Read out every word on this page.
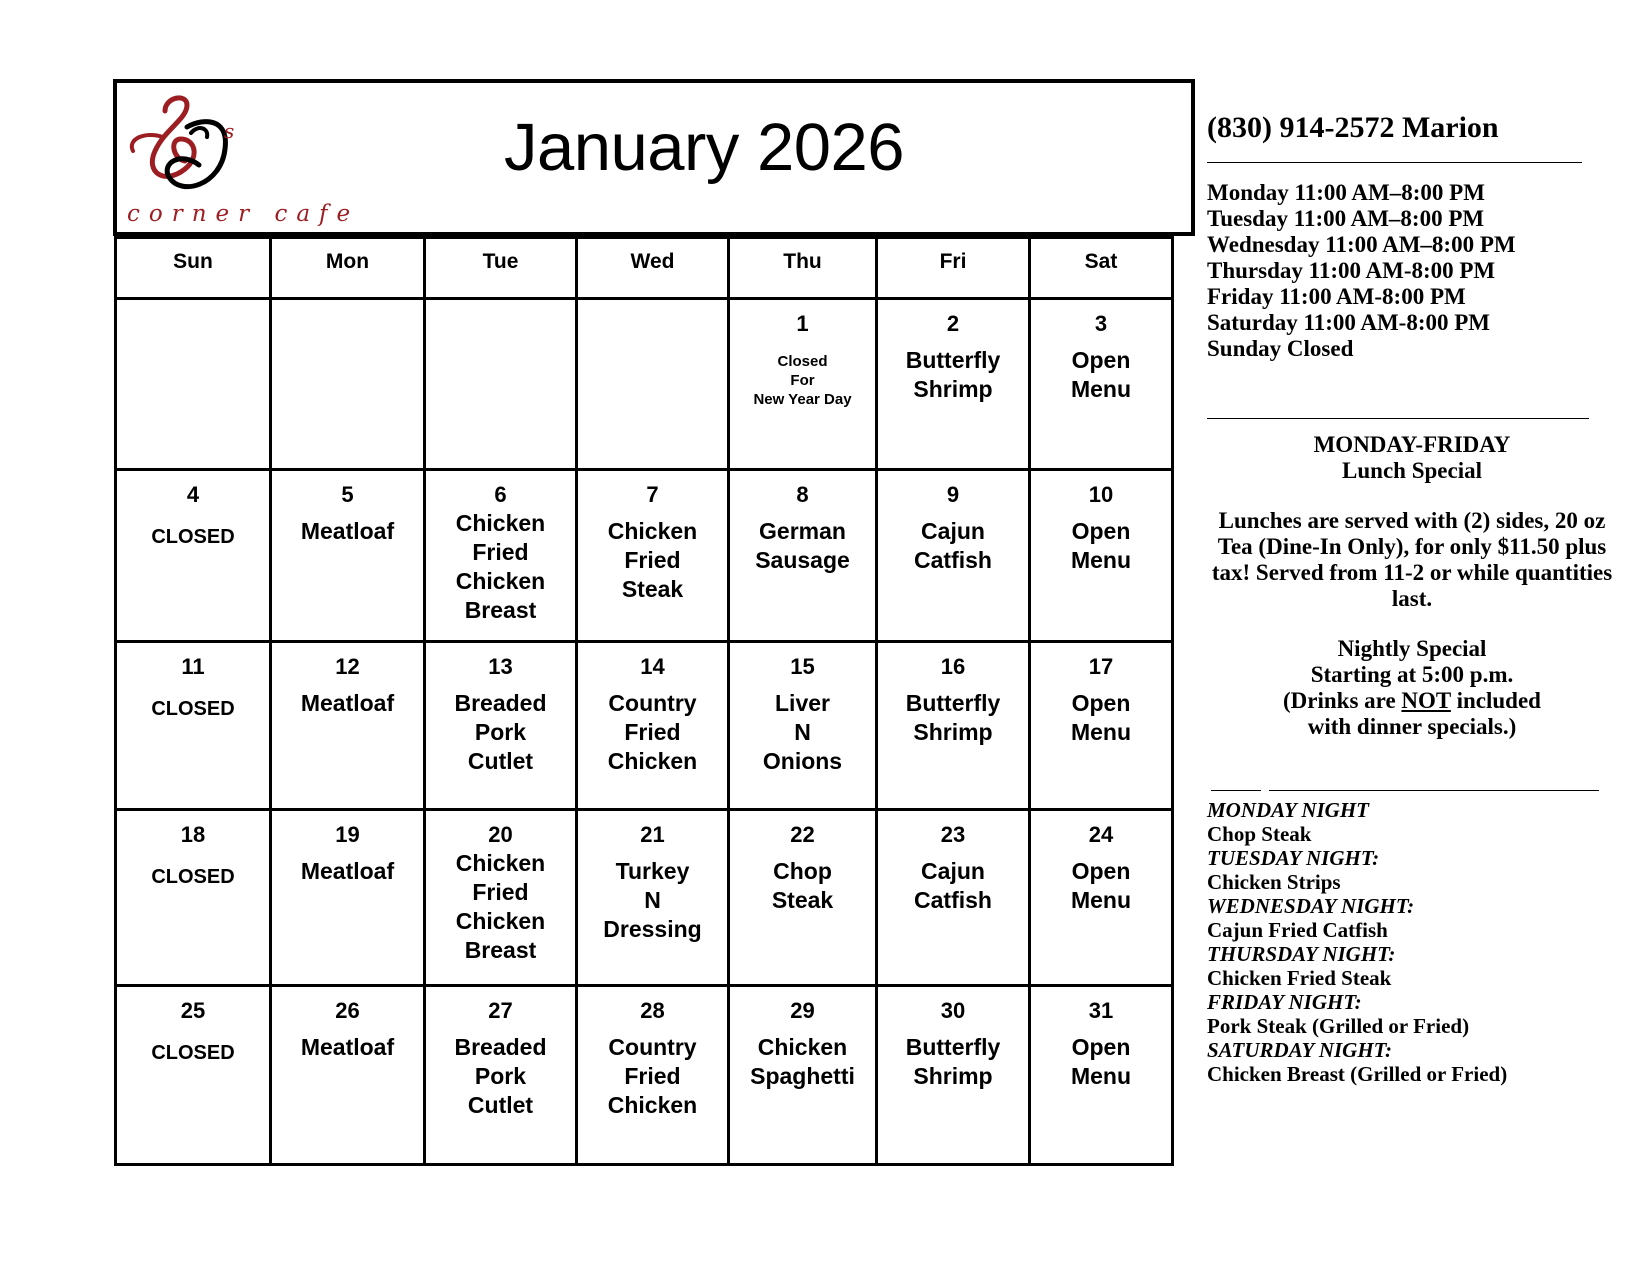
s
corner cafe
January 2026
Sun	Mon	Tue	Wed	Thu	Fri	Sat

				1
Closed
For
New Year Day	2
Butterfly
Shrimp	3
Open
Menu

4
CLOSED	5
Meatloaf	6
Chicken
Fried
Chicken
Breast	7
Chicken
Fried
Steak	8
German
Sausage	9
Cajun
Catfish	10
Open
Menu

11
CLOSED	12
Meatloaf	13
Breaded
Pork
Cutlet	14
Country
Fried
Chicken	15
Liver
N
Onions	16
Butterfly
Shrimp	17
Open
Menu

18
CLOSED	19
Meatloaf	20
Chicken
Fried
Chicken
Breast	21
Turkey
N
Dressing	22
Chop
Steak	23
Cajun
Catfish	24
Open
Menu

25
CLOSED	26
Meatloaf	27
Breaded
Pork
Cutlet	28
Country
Fried
Chicken	29
Chicken
Spaghetti	30
Butterfly
Shrimp	31
Open
Menu

(830) 914-2572 Marion

Monday 11:00 AM–8:00 PM
Tuesday 11:00 AM–8:00 PM
Wednesday 11:00 AM–8:00 PM
Thursday 11:00 AM-8:00 PM
Friday 11:00 AM-8:00 PM
Saturday 11:00 AM-8:00 PM
Sunday Closed

MONDAY-FRIDAY

Lunch Special

Lunches are served with (2) sides, 20 oz Tea (Dine-In Only), for only $11.50 plus tax! Served from 11-2 or while quantities last.

Nightly Special

Starting at 5:00 p.m.

(Drinks are NOT included with dinner specials.)

MONDAY NIGHT
Chop Steak
TUESDAY NIGHT:
Chicken Strips
WEDNESDAY NIGHT:
Cajun Fried Catfish
THURSDAY NIGHT:
Chicken Fried Steak
FRIDAY NIGHT:
Pork Steak (Grilled or Fried)
SATURDAY NIGHT:
Chicken Breast (Grilled or Fried)
